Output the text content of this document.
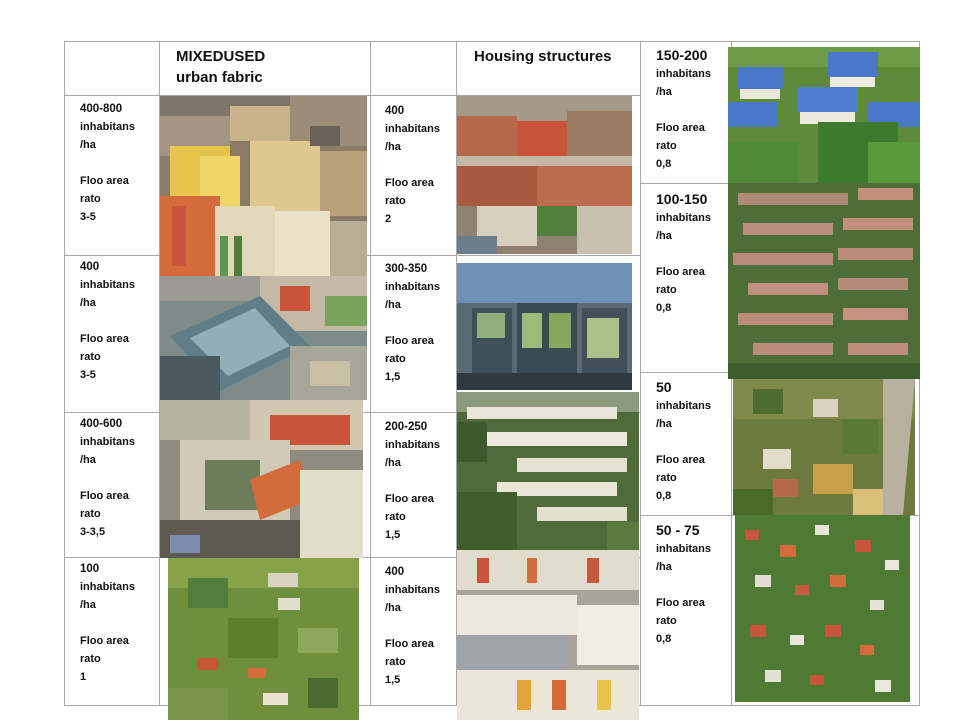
MIXEDUSED
urban fabric
Housing structures
400-800
inhabitans
/ha
Floo area
rato
3-5
400
inhabitans
/ha
Floo area
rato
3-5
400-600
inhabitans
/ha
Floo area
rato
3-3,5
100
inhabitans
/ha
Floo area
rato
1
400
inhabitans
/ha
Floo area
rato
2
300-350
inhabitans
/ha
Floo area
rato
1,5
200-250
inhabitans
/ha
Floo area
rato
1,5
400
inhabitans
/ha
Floo area
rato
1,5
150-200
inhabitans
/ha
Floo area
rato
0,8
100-150
inhabitans
/ha
Floo area
rato
0,8
50
inhabitans
/ha
Floo area
rato
0,8
50 - 75
inhabitans
/ha
Floo area
rato
0,8
